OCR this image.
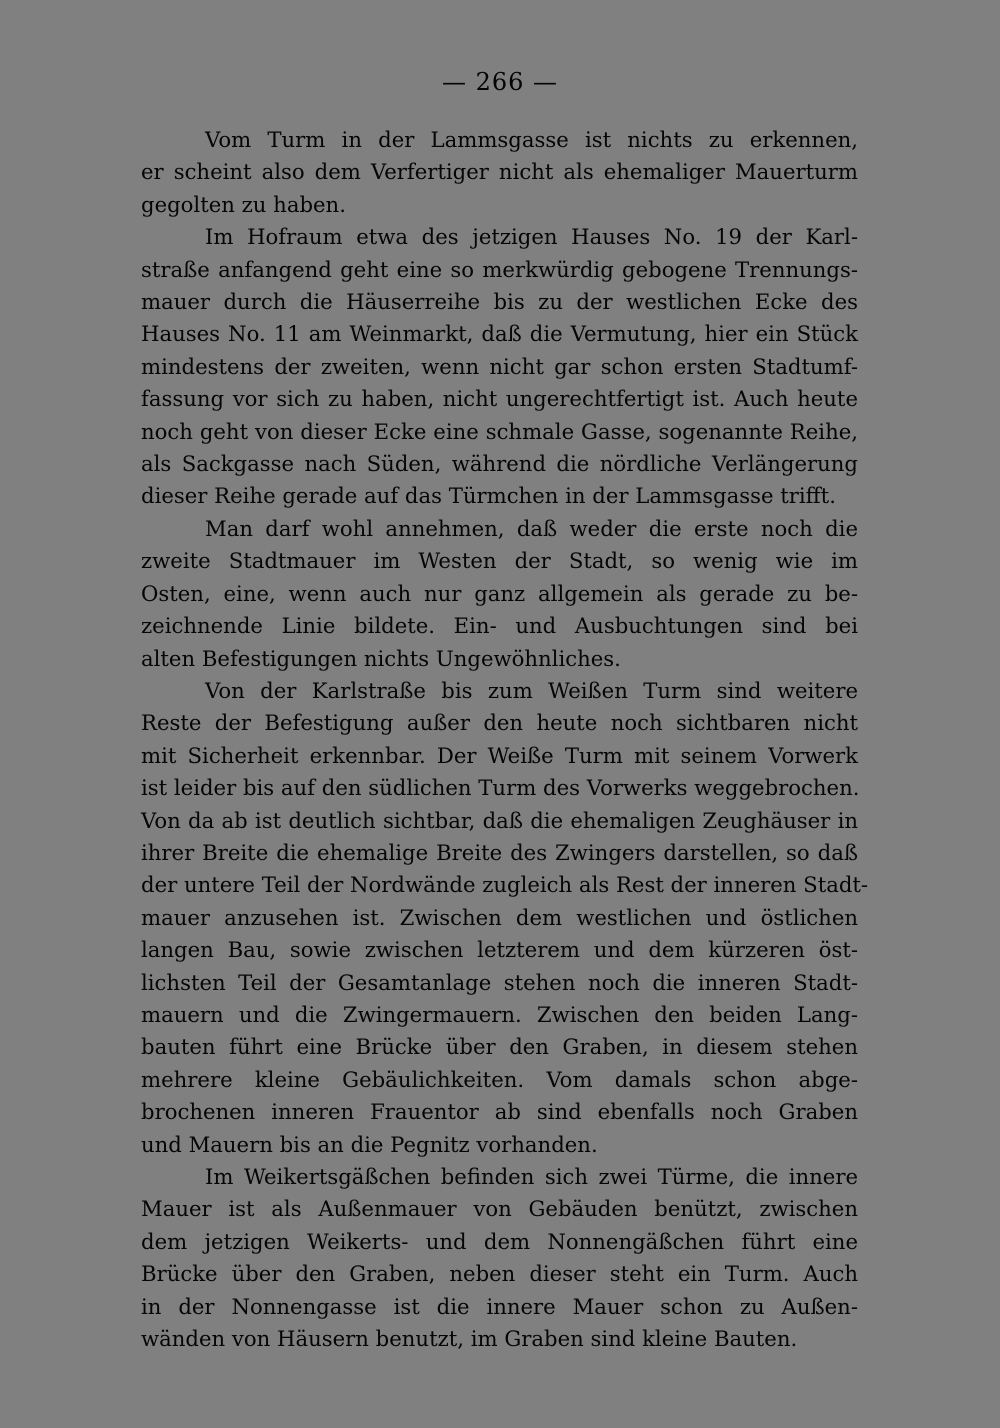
— 266 —

Vom Turm in der Lammsgasse ist nichts zu erkennen,
er scheint also dem Verfertiger nicht als ehemaliger Mauerturm
gegolten zu haben.

Im Hofraum etwa des jetzigen Hauses No. 19 der Karl-
straße anfangend geht eine so merkwürdig gebogene Trennungs-
mauer durch die Häuserreihe bis zu der westlichen Ecke des
Hauses No. 11 am Weinmarkt, daß die Vermutung, hier ein Stück
mindestens der zweiten, wenn nicht gar schon ersten Stadtumf-
fassung vor sich zu haben, nicht ungerechtfertigt ist. Auch heute
noch geht von dieser Ecke eine schmale Gasse, sogenannte Reihe,
als Sackgasse nach Süden, während die nördliche Verlängerung
dieser Reihe gerade auf das Türmchen in der Lammsgasse trifft.

Man darf wohl annehmen, daß weder die erste noch die
zweite Stadtmauer im Westen der Stadt, so wenig wie im
Osten, eine, wenn auch nur ganz allgemein als gerade zu be-
zeichnende Linie bildete. Ein- und Ausbuchtungen sind bei
alten Befestigungen nichts Ungewöhnliches.

Von der Karlstraße bis zum Weißen Turm sind weitere
Reste der Befestigung außer den heute noch sichtbaren nicht
mit Sicherheit erkennbar. Der Weiße Turm mit seinem Vorwerk
ist leider bis auf den südlichen Turm des Vorwerks weggebrochen.
Von da ab ist deutlich sichtbar, daß die ehemaligen Zeughäuser in
ihrer Breite die ehemalige Breite des Zwingers darstellen, so daß
der untere Teil der Nordwände zugleich als Rest der inneren Stadt-
mauer anzusehen ist. Zwischen dem westlichen und östlichen
langen Bau, sowie zwischen letzterem und dem kürzeren öst-
lichsten Teil der Gesamtanlage stehen noch die inneren Stadt-
mauern und die Zwingermauern. Zwischen den beiden Lang-
bauten führt eine Brücke über den Graben, in diesem stehen
mehrere kleine Gebäulichkeiten. Vom damals schon abge-
brochenen inneren Frauentor ab sind ebenfalls noch Graben
und Mauern bis an die Pegnitz vorhanden.

Im Weikertsgäßchen befinden sich zwei Türme, die innere
Mauer ist als Außenmauer von Gebäuden benützt, zwischen
dem jetzigen Weikerts- und dem Nonnengäßchen führt eine
Brücke über den Graben, neben dieser steht ein Turm. Auch
in der Nonnengasse ist die innere Mauer schon zu Außen-
wänden von Häusern benutzt, im Graben sind kleine Bauten.
